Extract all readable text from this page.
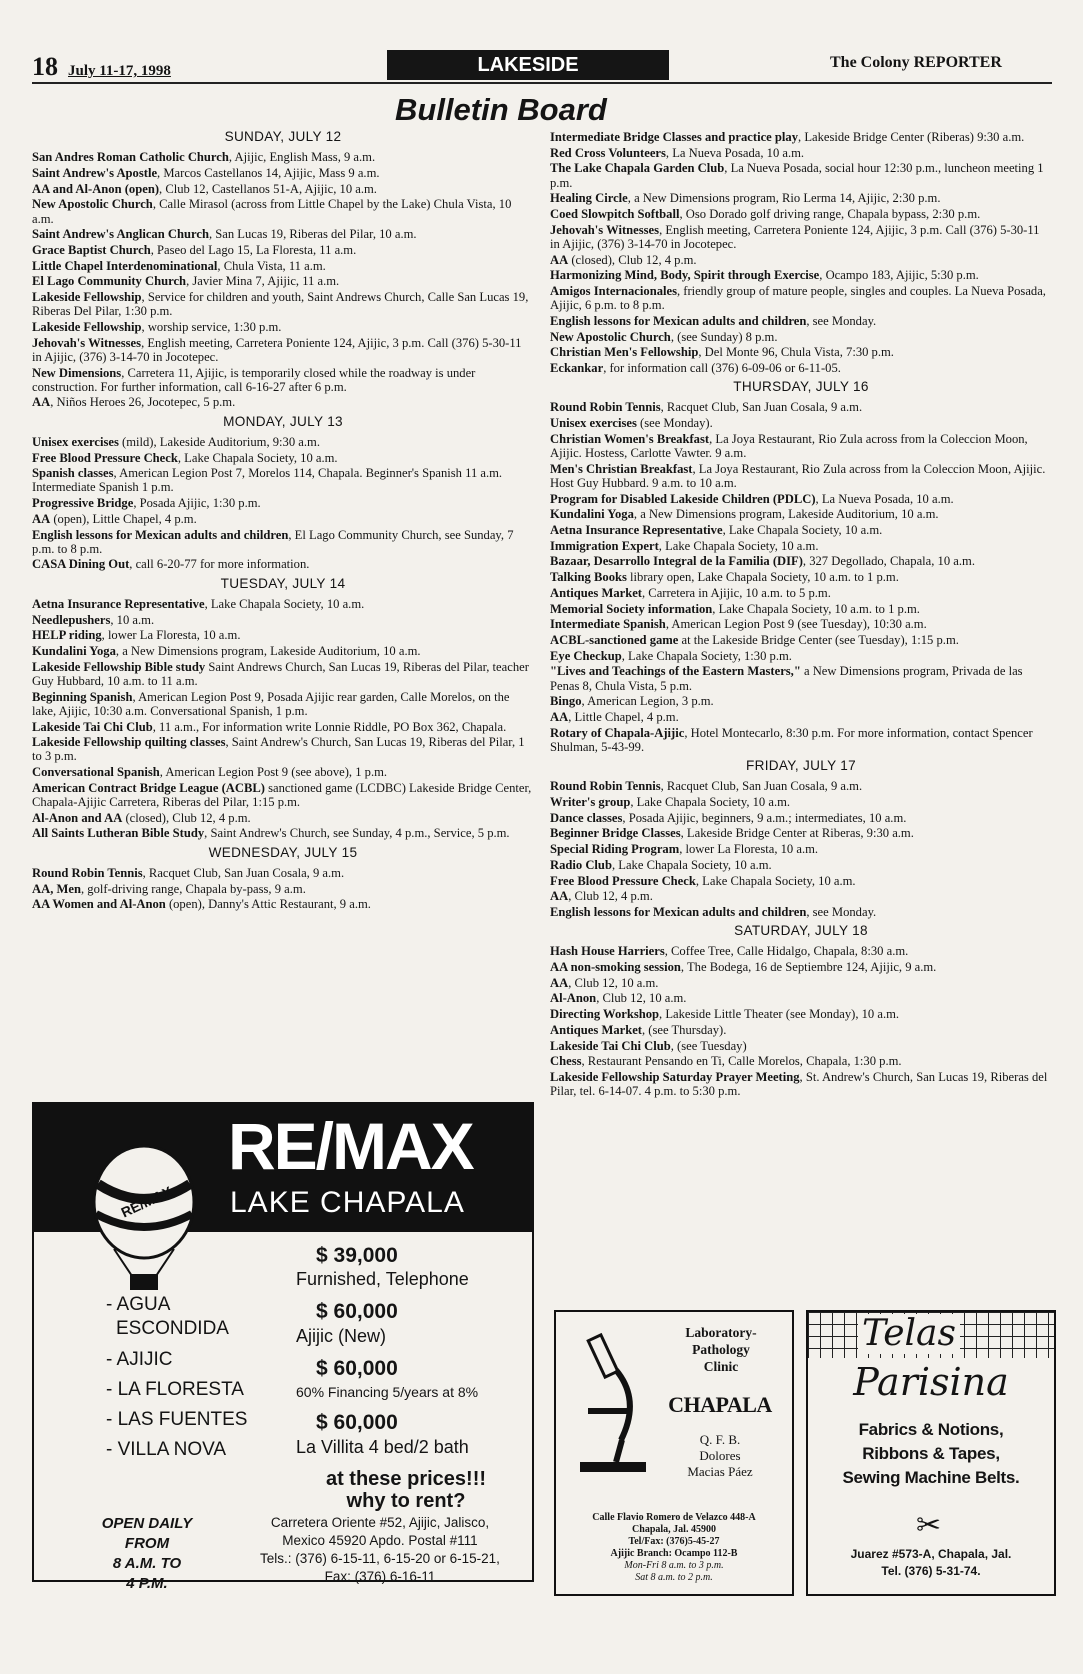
18 July 11-17, 1998	LAKESIDE	The Colony REPORTER
Bulletin Board
SUNDAY, JULY 12

San Andres Roman Catholic Church, Ajijic, English Mass, 9 a.m.

Saint Andrew's Apostle, Marcos Castellanos 14, Ajijic, Mass 9 a.m.

AA and Al-Anon (open), Club 12, Castellanos 51-A, Ajijic, 10 a.m.

New Apostolic Church, Calle Mirasol (across from Little Chapel by the Lake) Chula Vista, 10 a.m.

Saint Andrew's Anglican Church, San Lucas 19, Riberas del Pilar, 10 a.m.

Grace Baptist Church, Paseo del Lago 15, La Floresta, 11 a.m.

Little Chapel Interdenominational, Chula Vista, 11 a.m.

El Lago Community Church, Javier Mina 7, Ajijic, 11 a.m.

Lakeside Fellowship, Service for children and youth, Saint Andrews Church, Calle San Lucas 19, Riberas Del Pilar, 1:30 p.m.

Lakeside Fellowship, worship service, 1:30 p.m.

Jehovah's Witnesses, English meeting, Carretera Poniente 124, Ajijic, 3 p.m. Call (376) 5-30-11 in Ajijic, (376) 3-14-70 in Jocotepec.

New Dimensions, Carretera 11, Ajijic, is temporarily closed while the roadway is under construction. For further information, call 6-16-27 after 6 p.m.

AA, Niños Heroes 26, Jocotepec, 5 p.m.

MONDAY, JULY 13

Unisex exercises (mild), Lakeside Auditorium, 9:30 a.m.

Free Blood Pressure Check, Lake Chapala Society, 10 a.m.

Spanish classes, American Legion Post 7, Morelos 114, Chapala. Beginner's Spanish 11 a.m. Intermediate Spanish 1 p.m.

Progressive Bridge, Posada Ajijic, 1:30 p.m.

AA (open), Little Chapel, 4 p.m.

English lessons for Mexican adults and children, El Lago Community Church, see Sunday, 7 p.m. to 8 p.m.

CASA Dining Out, call 6-20-77 for more information.

TUESDAY, JULY 14

Aetna Insurance Representative, Lake Chapala Society, 10 a.m.

Needlepushers, 10 a.m.

HELP riding, lower La Floresta, 10 a.m.

Kundalini Yoga, a New Dimensions program, Lakeside Auditorium, 10 a.m.

Lakeside Fellowship Bible study Saint Andrews Church, San Lucas 19, Riberas del Pilar, teacher Guy Hubbard, 10 a.m. to 11 a.m.

Beginning Spanish, American Legion Post 9, Posada Ajijic rear garden, Calle Morelos, on the lake, Ajijic, 10:30 a.m. Conversational Spanish, 1 p.m.

Lakeside Tai Chi Club, 11 a.m., For information write Lonnie Riddle, PO Box 362, Chapala.

Lakeside Fellowship quilting classes, Saint Andrew's Church, San Lucas 19, Riberas del Pilar, 1 to 3 p.m.

Conversational Spanish, American Legion Post 9 (see above), 1 p.m.

American Contract Bridge League (ACBL) sanctioned game (LCDBC) Lakeside Bridge Center, Chapala-Ajijic Carretera, Riberas del Pilar, 1:15 p.m.

Al-Anon and AA (closed), Club 12, 4 p.m.

All Saints Lutheran Bible Study, Saint Andrew's Church, see Sunday, 4 p.m., Service, 5 p.m.

WEDNESDAY, JULY 15

Round Robin Tennis, Racquet Club, San Juan Cosala, 9 a.m.

AA, Men, golf-driving range, Chapala by-pass, 9 a.m.

AA Women and Al-Anon (open), Danny's Attic Restaurant, 9 a.m.

Intermediate Bridge Classes and practice play, Lakeside Bridge Center (Riberas) 9:30 a.m.

Red Cross Volunteers, La Nueva Posada, 10 a.m.

The Lake Chapala Garden Club, La Nueva Posada, social hour 12:30 p.m., luncheon meeting 1 p.m.

Healing Circle, a New Dimensions program, Rio Lerma 14, Ajijic, 2:30 p.m.

Coed Slowpitch Softball, Oso Dorado golf driving range, Chapala bypass, 2:30 p.m.

Jehovah's Witnesses, English meeting, Carretera Poniente 124, Ajijic, 3 p.m. Call (376) 5-30-11 in Ajijic, (376) 3-14-70 in Jocotepec.

AA (closed), Club 12, 4 p.m.

Harmonizing Mind, Body, Spirit through Exercise, Ocampo 183, Ajijic, 5:30 p.m.

Amigos Internacionales, friendly group of mature people, singles and couples. La Nueva Posada, Ajijic, 6 p.m. to 8 p.m.

English lessons for Mexican adults and children, see Monday.

New Apostolic Church, (see Sunday) 8 p.m.

Christian Men's Fellowship, Del Monte 96, Chula Vista, 7:30 p.m.

Eckankar, for information call (376) 6-09-06 or 6-11-05.

THURSDAY, JULY 16

Round Robin Tennis, Racquet Club, San Juan Cosala, 9 a.m.

Unisex exercises (see Monday).

Christian Women's Breakfast, La Joya Restaurant, Rio Zula across from la Coleccion Moon, Ajijic. Hostess, Carlotte Vawter. 9 a.m.

Men's Christian Breakfast, La Joya Restaurant, Rio Zula across from la Coleccion Moon, Ajijic. Host Guy Hubbard. 9 a.m. to 10 a.m.

Program for Disabled Lakeside Children (PDLC), La Nueva Posada, 10 a.m.

Kundalini Yoga, a New Dimensions program, Lakeside Auditorium, 10 a.m.

Aetna Insurance Representative, Lake Chapala Society, 10 a.m.

Immigration Expert, Lake Chapala Society, 10 a.m.

Bazaar, Desarrollo Integral de la Familia (DIF), 327 Degollado, Chapala, 10 a.m.

Talking Books library open, Lake Chapala Society, 10 a.m. to 1 p.m.

Antiques Market, Carretera in Ajijic, 10 a.m. to 5 p.m.

Memorial Society information, Lake Chapala Society, 10 a.m. to 1 p.m.

Intermediate Spanish, American Legion Post 9 (see Tuesday), 10:30 a.m.

ACBL-sanctioned game at the Lakeside Bridge Center (see Tuesday), 1:15 p.m.

Eye Checkup, Lake Chapala Society, 1:30 p.m.

"Lives and Teachings of the Eastern Masters," a New Dimensions program, Privada de las Penas 8, Chula Vista, 5 p.m.

Bingo, American Legion, 3 p.m.

AA, Little Chapel, 4 p.m.

Rotary of Chapala-Ajijic, Hotel Montecarlo, 8:30 p.m. For more information, contact Spencer Shulman, 5-43-99.

FRIDAY, JULY 17

Round Robin Tennis, Racquet Club, San Juan Cosala, 9 a.m.

Writer's group, Lake Chapala Society, 10 a.m.

Dance classes, Posada Ajijic, beginners, 9 a.m.; intermediates, 10 a.m.

Beginner Bridge Classes, Lakeside Bridge Center at Riberas, 9:30 a.m.

Special Riding Program, lower La Floresta, 10 a.m.

Radio Club, Lake Chapala Society, 10 a.m.

Free Blood Pressure Check, Lake Chapala Society, 10 a.m.

AA, Club 12, 4 p.m.

English lessons for Mexican adults and children, see Monday.

SATURDAY, JULY 18

Hash House Harriers, Coffee Tree, Calle Hidalgo, Chapala, 8:30 a.m.

AA non-smoking session, The Bodega, 16 de Septiembre 124, Ajijic, 9 a.m.

AA, Club 12, 10 a.m.

Al-Anon, Club 12, 10 a.m.

Directing Workshop, Lakeside Little Theater (see Monday), 10 a.m.

Antiques Market, (see Thursday).

Lakeside Tai Chi Club, (see Tuesday)

Chess, Restaurant Pensando en Ti, Calle Morelos, Chapala, 1:30 p.m.

Lakeside Fellowship Saturday Prayer Meeting, St. Andrew's Church, San Lucas 19, Riberas del Pilar, tel. 6-14-07. 4 p.m. to 5:30 p.m.

RE/MAX
RE/MAX
LAKE CHAPALA
- AGUA
ESCONDIDA
- AJIJIC
- LA FLORESTA
- LAS FUENTES
- VILLA NOVA
$ 39,000
Furnished, Telephone
$ 60,000
Ajijic (New)
$ 60,000
60% Financing 5/years at 8%
$ 60,000
La Villita 4 bed/2 bath
at these prices!!!
why to rent?
OPEN DAILY
FROM
8 A.M. TO
4 P.M.
Carretera Oriente #52, Ajijic, Jalisco,
Mexico 45920 Apdo. Postal #111
Tels.: (376) 6-15-11, 6-15-20 or 6-15-21,
Fax: (376) 6-16-11
Laboratory-
Pathology
Clinic
CHAPALA
Q. F. B.
Dolores
Macias Páez
Calle Flavio Romero de Velazco 448-A
Chapala, Jal. 45900
Tel/Fax: (376)5-45-27
Ajijic Branch: Ocampo 112-B
Mon-Fri 8 a.m. to 3 p.m.
Sat 8 a.m. to 2 p.m.
Telas
Parisina
Fabrics & Notions,
Ribbons & Tapes,
Sewing Machine Belts.
✂
Juarez #573-A, Chapala, Jal.
Tel. (376) 5-31-74.
